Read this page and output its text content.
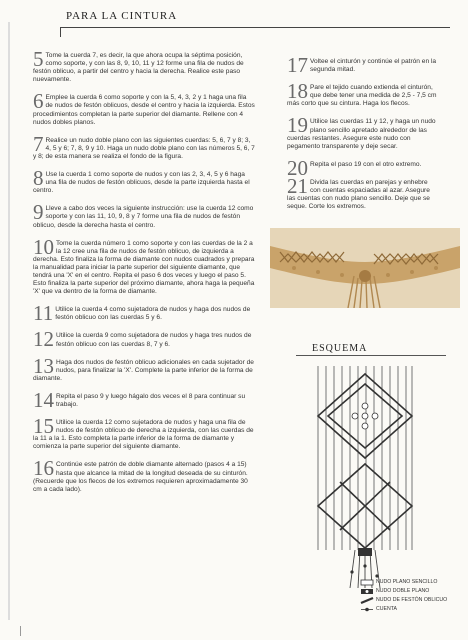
PARA LA CINTURA
5 Tome la cuerda 7, es decir, la que ahora ocupa la séptima posición, como soporte, y con las 8, 9, 10, 11 y 12 forme una fila de nudos de festón oblicuo, a partir del centro y hacia la derecha. Realice este paso nuevamente.
6 Emplee la cuerda 6 como soporte y con la 5, 4, 3, 2 y 1 haga una fila de nudos de festón oblicuos, desde el centro y hacia la izquierda. Estos procedimientos completan la parte superior del diamante. Rellene con 4 nudos dobles planos.
7 Realice un nudo doble plano con las siguientes cuerdas: 5, 6, 7 y 8; 3, 4, 5 y 6; 7, 8, 9 y 10. Haga un nudo doble plano con las números 5, 6, 7 y 8; de esta manera se realiza el fondo de la figura.
8 Use la cuerda 1 como soporte de nudos y con las 2, 3, 4, 5 y 6 haga una fila de nudos de festón oblicuos, desde la parte izquierda hasta el centro.
9 Lleve a cabo dos veces la siguiente instrucción: use la cuerda 12 como soporte y con las 11, 10, 9, 8 y 7 forme una fila de nudos de festón oblicuo, desde la derecha hasta el centro.
10 Tome la cuerda número 1 como soporte y con las cuerdas de la 2 a la 12 cree una fila de nudos de festón oblicuo, de izquierda a derecha. Esto finaliza la forma de diamante con nudos cuadrados y prepara la manualidad para iniciar la parte superior del siguiente diamante, que tendrá una 'X' en el centro. Repita el paso 6 dos veces y luego el paso 5. Esto finaliza la parte superior del próximo diamante, ahora haga la pequeña 'X' que va dentro de la forma de diamante.
11 Utilice la cuerda 4 como sujetadora de nudos y haga dos nudos de festón oblicuo con las cuerdas 5 y 6.
12 Utilice la cuerda 9 como sujetadora de nudos y haga tres nudos de festón oblicuo con las cuerdas 8, 7 y 6.
13 Haga dos nudos de festón oblicuo adicionales en cada sujetador de nudos, para finalizar la 'X'. Complete la parte inferior de la forma de diamante.
14 Repita el paso 9 y luego hágalo dos veces el 8 para continuar su trabajo.
15 Utilice la cuerda 12 como sujetadora de nudos y haga una fila de nudos de festón oblicuo de derecha a izquierda, con las cuerdas de la 11 a la 1. Esto completa la parte inferior de la forma de diamante y comienza la parte superior del siguiente diamante.
16 Continúe este patrón de doble diamante alternado (pasos 4 a 15) hasta que alcance la mitad de la longitud deseada de su cinturón. (Recuerde que los flecos de los extremos requieren aproximadamente 30 cm a cada lado).
17 Voltee el cinturón y continúe el patrón en la segunda mitad.
18 Pare el tejido cuando extienda el cinturón, que debe tener una medida de 2,5 - 7,5 cm más corto que su cintura. Haga los flecos.
19 Utilice las cuerdas 11 y 12, y haga un nudo plano sencillo apretado alrededor de las cuerdas restantes. Asegure este nudo con pegamento transparente y deje secar.
20 Repita el paso 19 con el otro extremo.
21 Divida las cuerdas en parejas y enhebre con cuentas espaciadas al azar. Asegure las cuentas con nudo plano sencillo. Deje que se seque. Corte los extremos.
ESQUEMA
NUDO PLANO SENCILLO
NUDO DOBLE PLANO
NUDO DE FESTÓN OBLICUO
CUENTA
